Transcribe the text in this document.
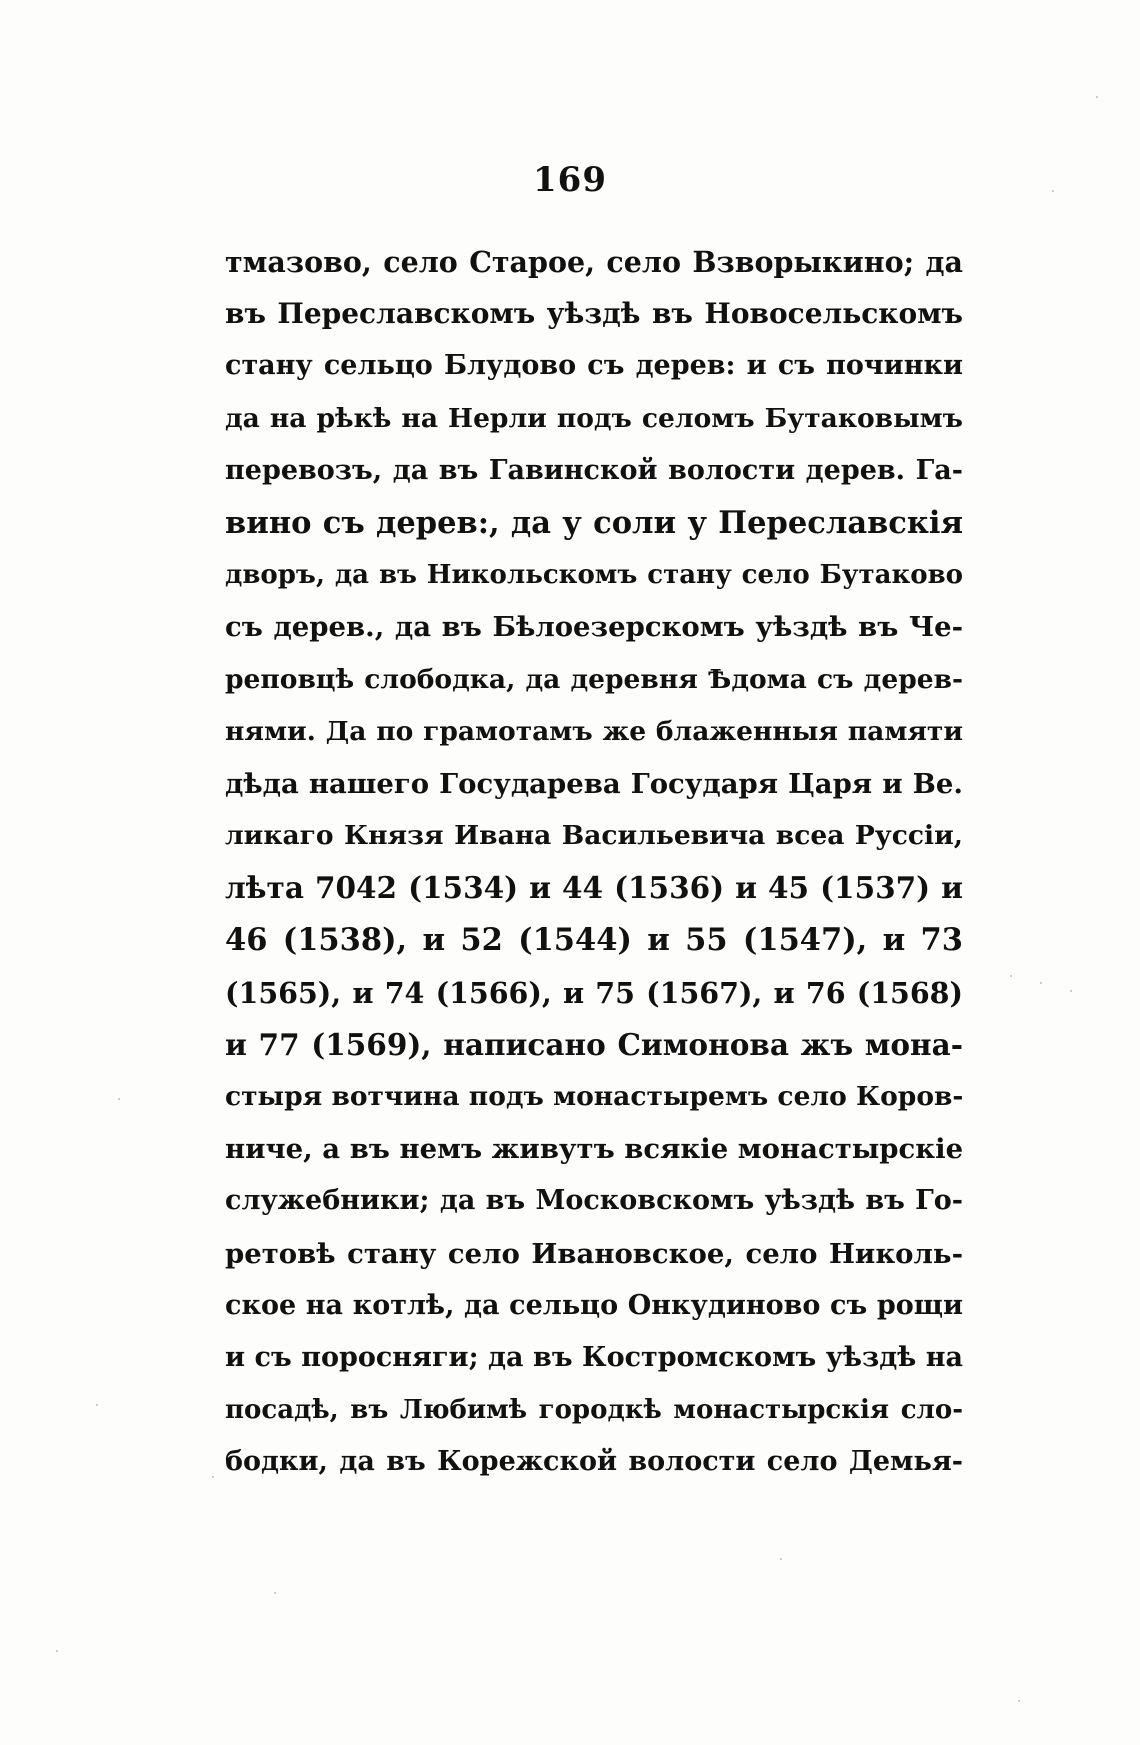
169
тмазово, село Старое, село Взворыкино; да
въ Переславскомъ уѣздѣ въ Новосельскомъ
стану сельцо Блудово съ дерев: и съ починки
да на рѣкѣ на Нерли подъ селомъ Бутаковымъ
перевозъ, да въ Гавинской волости дерев. Га-
вино съ дерев:, да у соли у Переславскія
дворъ, да въ Никольскомъ стану село Бутаково
съ дерев., да въ Бѣлоезерскомъ уѣздѣ въ Че-
реповцѣ слободка, да деревня Ѣдома съ дерев-
нями. Да по грамотамъ же блаженныя памяти
дѣда нашего Государева Государя Царя и Ве.
ликаго Князя Ивана Васильевича всеа Руссіи,
лѣта 7042 (1534) и 44 (1536) и 45 (1537) и
46 (1538), и 52 (1544) и 55 (1547), и 73
(1565), и 74 (1566), и 75 (1567), и 76 (1568)
и 77 (1569), написано Симонова жъ мона-
стыря вотчина подъ монастыремъ село Коров-
ниче, а въ немъ живутъ всякіе монастырскіе
служебники; да въ Московскомъ уѣздѣ въ Го-
ретовѣ стану село Ивановское, село Николь-
ское на котлѣ, да сельцо Онкудиново съ рощи
и съ поросняги; да въ Костромскомъ уѣздѣ на
посадѣ, въ Любимѣ городкѣ монастырскія сло-
бодки, да въ Корежской волости село Демья-
